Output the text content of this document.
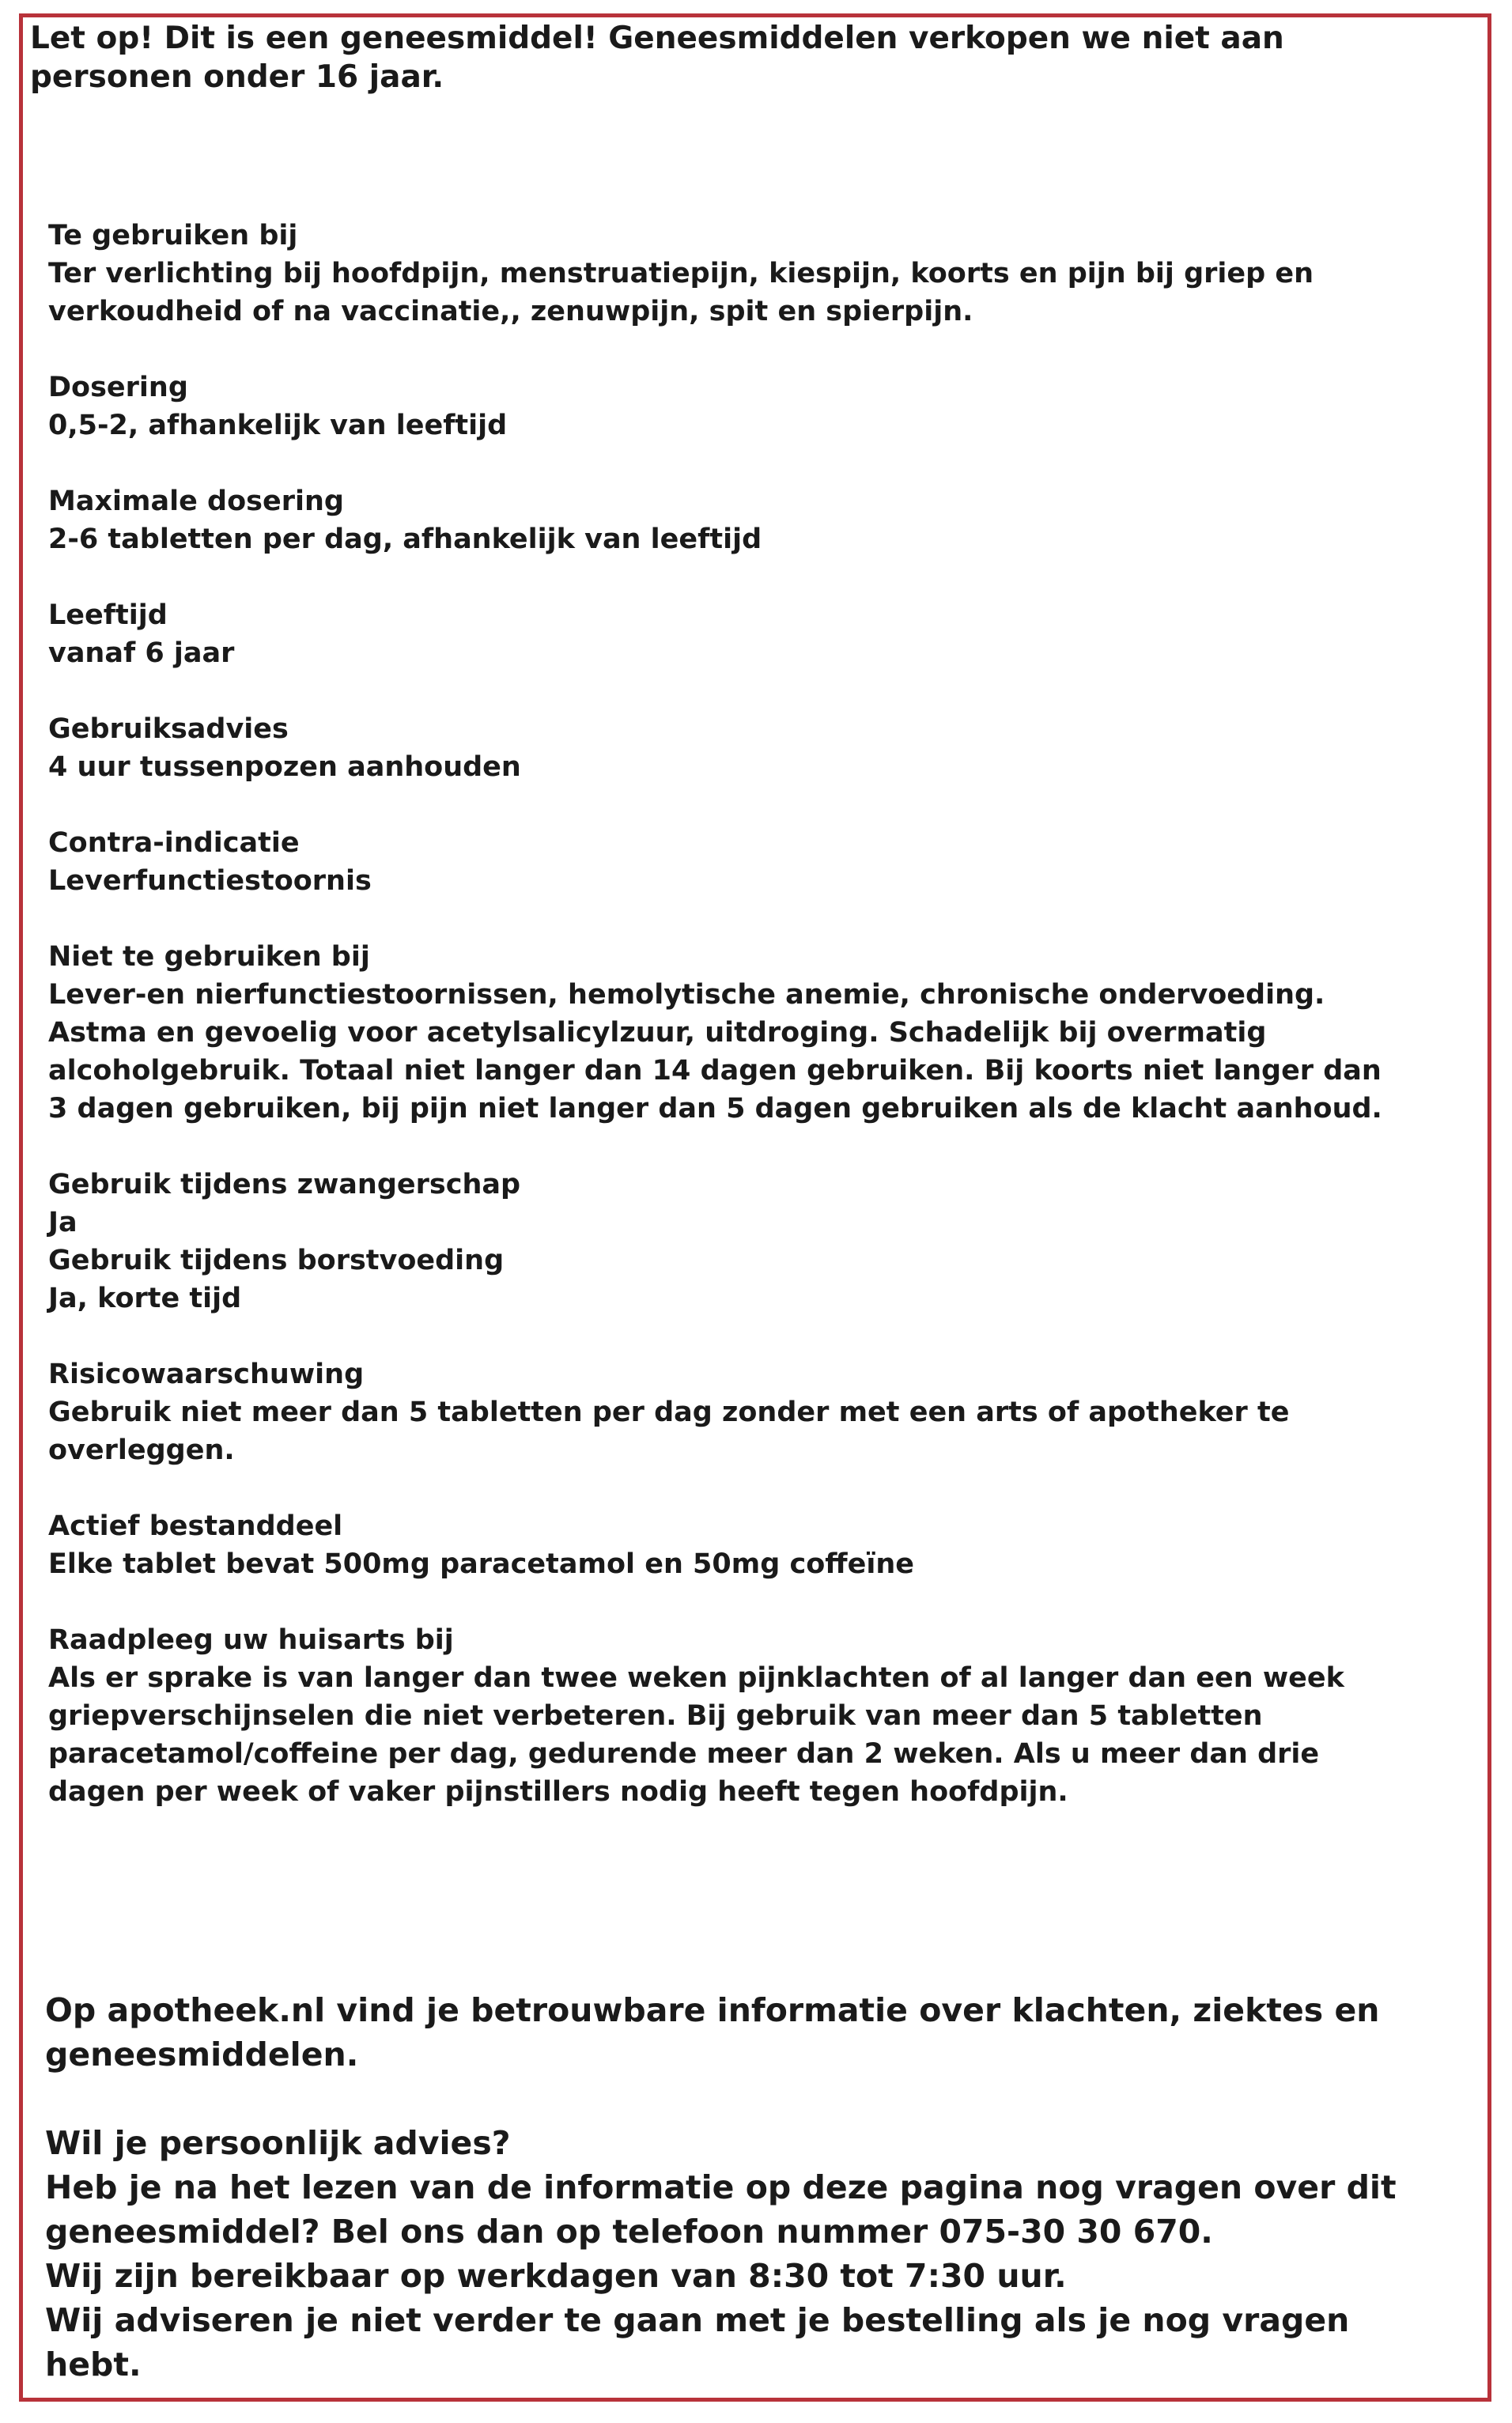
Let op! Dit is een geneesmiddel! Geneesmiddelen verkopen we niet aan personen onder 16 jaar.

Te gebruiken bij

Ter verlichting bij hoofdpijn, menstruatiepijn, kiespijn, koorts en pijn bij griep en verkoudheid of na vaccinatie,, zenuwpijn, spit en spierpijn.

Dosering

0,5-2, afhankelijk van leeftijd

Maximale dosering

2-6 tabletten per dag, afhankelijk van leeftijd

Leeftijd

vanaf 6 jaar

Gebruiksadvies

4 uur tussenpozen aanhouden

Contra-indicatie

Leverfunctiestoornis

Niet te gebruiken bij

Lever-en nierfunctiestoornissen, hemolytische anemie, chronische ondervoeding. Astma en gevoelig voor acetylsalicylzuur, uitdroging. Schadelijk bij overmatig alcoholgebruik. Totaal niet langer dan 14 dagen gebruiken. Bij koorts niet langer dan 3 dagen gebruiken, bij pijn niet langer dan 5 dagen gebruiken als de klacht aanhoud.

Gebruik tijdens zwangerschap

Ja

Gebruik tijdens borstvoeding

Ja, korte tijd

Risicowaarschuwing

Gebruik niet meer dan 5 tabletten per dag zonder met een arts of apotheker te overleggen.

Actief bestanddeel

Elke tablet bevat 500mg paracetamol en 50mg coffeïne

Raadpleeg uw huisarts bij

Als er sprake is van langer dan twee weken pijnklachten of al langer dan een week griepverschijnselen die niet verbeteren. Bij gebruik van meer dan 5 tabletten paracetamol/coffeine per dag, gedurende meer dan 2 weken. Als u meer dan drie dagen per week of vaker pijnstillers nodig heeft tegen hoofdpijn.

Op apotheek.nl vind je betrouwbare informatie over klachten, ziektes en geneesmiddelen.

Wil je persoonlijk advies?

Heb je na het lezen van de informatie op deze pagina nog vragen over dit geneesmiddel? Bel ons dan op telefoon nummer 075-30 30 670.

Wij zijn bereikbaar op werkdagen van 8:30 tot 7:30 uur.

Wij adviseren je niet verder te gaan met je bestelling als je nog vragen hebt.
